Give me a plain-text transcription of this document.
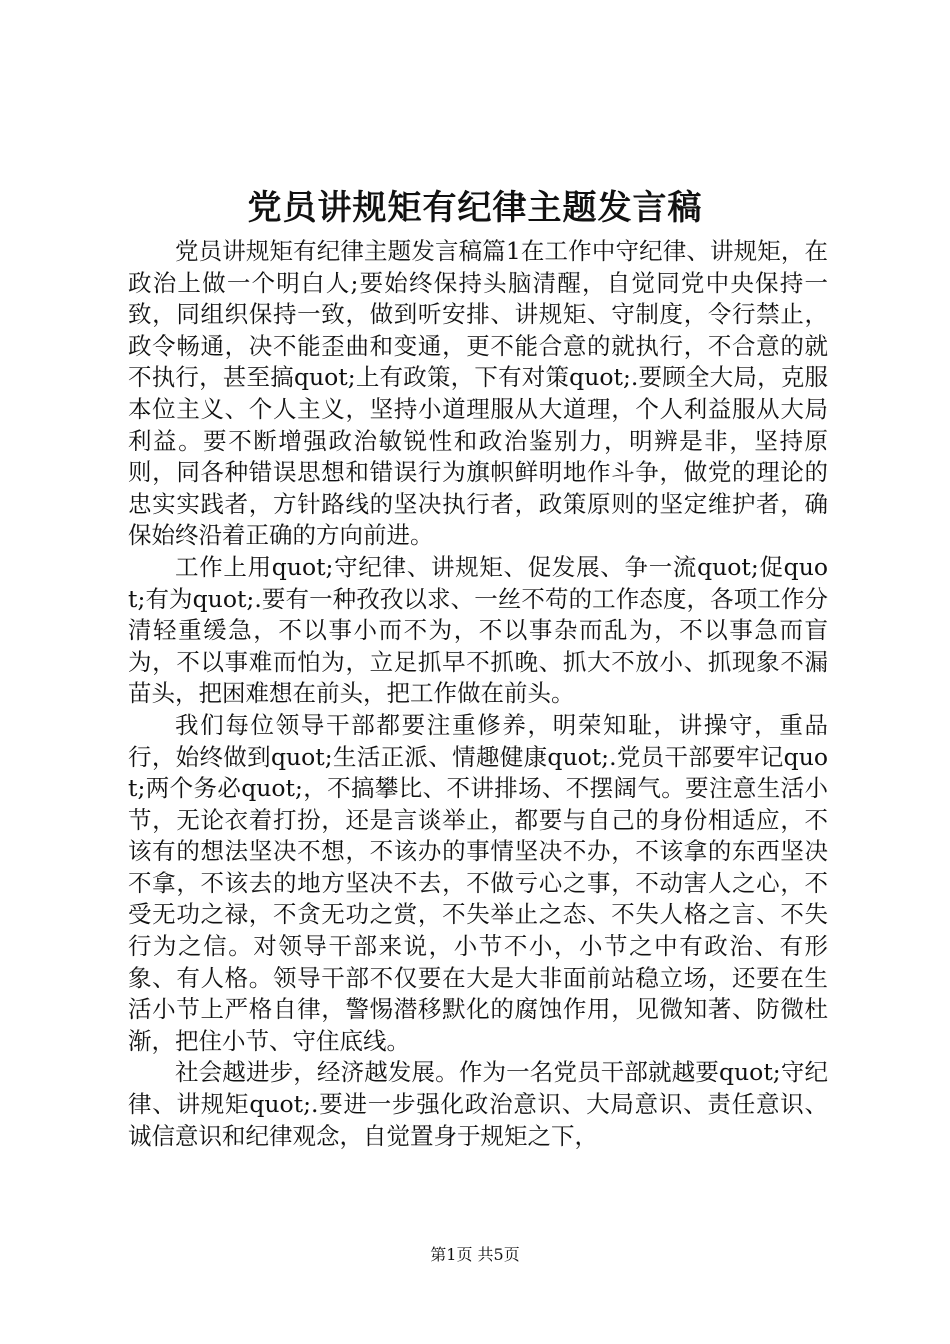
党员讲规矩有纪律主题发言稿

党员讲规矩有纪律主题发言稿篇1在工作中守纪律、讲规矩，在政治上做一个明白人;要始终保持头脑清醒，自觉同党中央保持一致，同组织保持一致，做到听安排、讲规矩、守制度，令行禁止，政令畅通，决不能歪曲和变通，更不能合意的就执行，不合意的就不执行，甚至搞quot;上有政策，下有对策quot;.要顾全大局，克服本位主义、个人主义，坚持小道理服从大道理，个人利益服从大局利益。要不断增强政治敏锐性和政治鉴别力，明辨是非，坚持原则，同各种错误思想和错误行为旗帜鲜明地作斗争，做党的理论的忠实实践者，方针路线的坚决执行者，政策原则的坚定维护者，确保始终沿着正确的方向前进。

工作上用quot;守纪律、讲规矩、促发展、争一流quot;促quot;有为quot;.要有一种孜孜以求、一丝不苟的工作态度，各项工作分清轻重缓急，不以事小而不为，不以事杂而乱为，不以事急而盲为，不以事难而怕为，立足抓早不抓晚、抓大不放小、抓现象不漏苗头，把困难想在前头，把工作做在前头。

我们每位领导干部都要注重修养，明荣知耻，讲操守，重品行，始终做到quot;生活正派、情趣健康quot;.党员干部要牢记quot;两个务必quot;，不搞攀比、不讲排场、不摆阔气。要注意生活小节，无论衣着打扮，还是言谈举止，都要与自己的身份相适应，不该有的想法坚决不想，不该办的事情坚决不办，不该拿的东西坚决不拿，不该去的地方坚决不去，不做亏心之事，不动害人之心，不受无功之禄，不贪无功之赏，不失举止之态、不失人格之言、不失行为之信。对领导干部来说，小节不小，小节之中有政治、有形象、有人格。领导干部不仅要在大是大非面前站稳立场，还要在生活小节上严格自律，警惕潜移默化的腐蚀作用，见微知著、防微杜渐，把住小节、守住底线。

社会越进步，经济越发展。作为一名党员干部就越要quot;守纪律、讲规矩quot;.要进一步强化政治意识、大局意识、责任意识、诚信意识和纪律观念，自觉置身于规矩之下，

第1页 共5页
